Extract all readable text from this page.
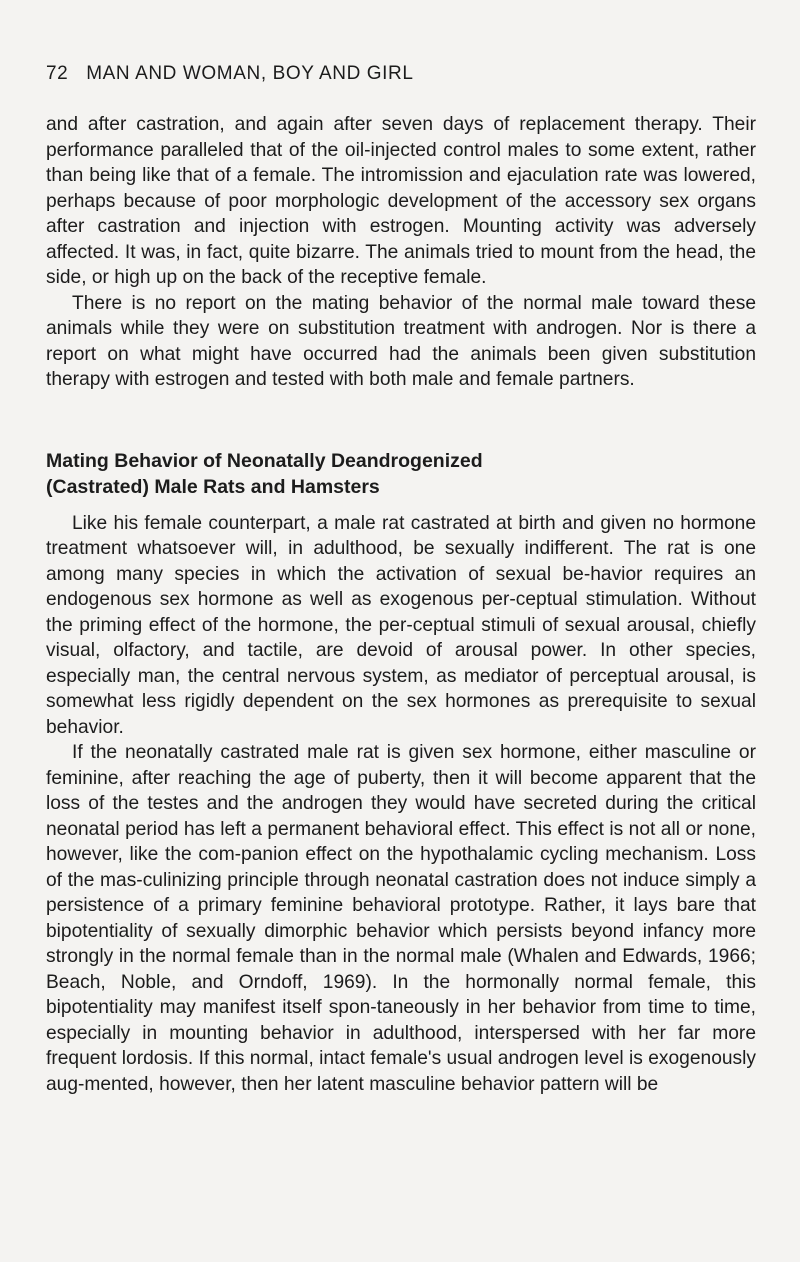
72 MAN AND WOMAN, BOY AND GIRL

and after castration, and again after seven days of replacement therapy. Their performance paralleled that of the oil-injected control males to some extent, rather than being like that of a female. The intromission and ejaculation rate was lowered, perhaps because of poor morphologic development of the accessory sex organs after castration and injection with estrogen. Mounting activity was adversely affected. It was, in fact, quite bizarre. The animals tried to mount from the head, the side, or high up on the back of the receptive female.

There is no report on the mating behavior of the normal male toward these animals while they were on substitution treatment with androgen. Nor is there a report on what might have occurred had the animals been given substitution therapy with estrogen and tested with both male and female partners.

Mating Behavior of Neonatally Deandrogenized
(Castrated) Male Rats and Hamsters

Like his female counterpart, a male rat castrated at birth and given no hormone treatment whatsoever will, in adulthood, be sexually indifferent. The rat is one among many species in which the activation of sexual be-havior requires an endogenous sex hormone as well as exogenous per-ceptual stimulation. Without the priming effect of the hormone, the per-ceptual stimuli of sexual arousal, chiefly visual, olfactory, and tactile, are devoid of arousal power. In other species, especially man, the central nervous system, as mediator of perceptual arousal, is somewhat less rigidly dependent on the sex hormones as prerequisite to sexual behavior.

If the neonatally castrated male rat is given sex hormone, either masculine or feminine, after reaching the age of puberty, then it will become apparent that the loss of the testes and the androgen they would have secreted during the critical neonatal period has left a permanent behavioral effect. This effect is not all or none, however, like the com-panion effect on the hypothalamic cycling mechanism. Loss of the mas-culinizing principle through neonatal castration does not induce simply a persistence of a primary feminine behavioral prototype. Rather, it lays bare that bipotentiality of sexually dimorphic behavior which persists beyond infancy more strongly in the normal female than in the normal male (Whalen and Edwards, 1966; Beach, Noble, and Orndoff, 1969). In the hormonally normal female, this bipotentiality may manifest itself spon-taneously in her behavior from time to time, especially in mounting behavior in adulthood, interspersed with her far more frequent lordosis. If this normal, intact female's usual androgen level is exogenously aug-mented, however, then her latent masculine behavior pattern will be
